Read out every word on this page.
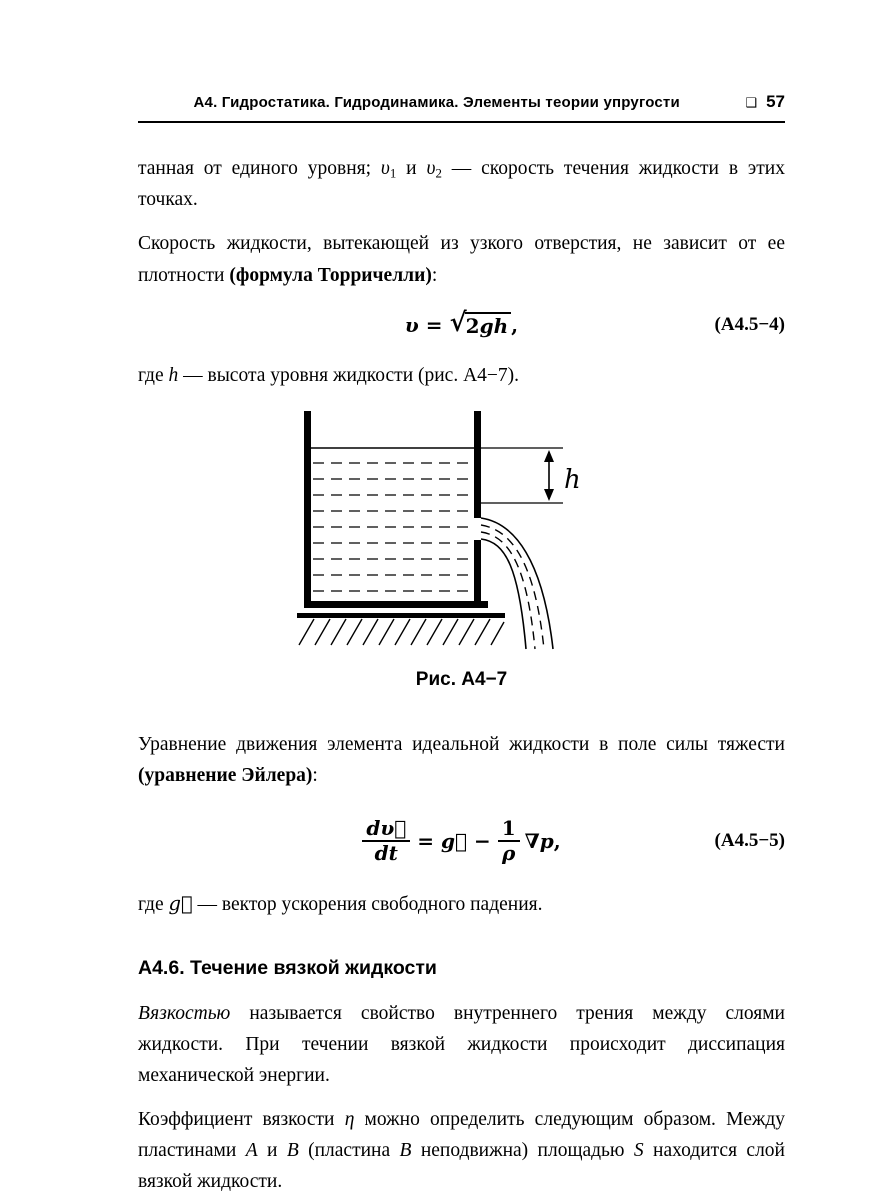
А4. Гидростатика. Гидродинамика. Элементы теории упругости	❑ 57

танная от единого уровня; υ1 и υ2 — скорость течения жидкости в этих точках.

Скорость жидкости, вытекающей из узкого отверстия, не зависит от ее плотности (формула Торричелли):

υ = √ 2gh ,	(А4.5−4)

где h — высота уровня жидкости (рис. А4−7).

h
Рис. А4−7

Уравнение движения элемента идеальной жидкости в поле силы тяжести (уравнение Эйлера):

$\frac{d\upsilon⃗}{dt}$ = g⃗ − $\frac{1}{\rho}$ ∇ p ,	(А4.5−5)

где g⃗ — вектор ускорения свободного падения.

А4.6. Течение вязкой жидкости

Вязкостью называется свойство внутреннего трения между слоями жидкости. При течении вязкой жидкости происходит диссипация механической энергии.

Коэффициент вязкости η можно определить следующим образом. Между пластинами A и B (пластина B неподвижна) площадью S находится слой вязкой жидкости.
